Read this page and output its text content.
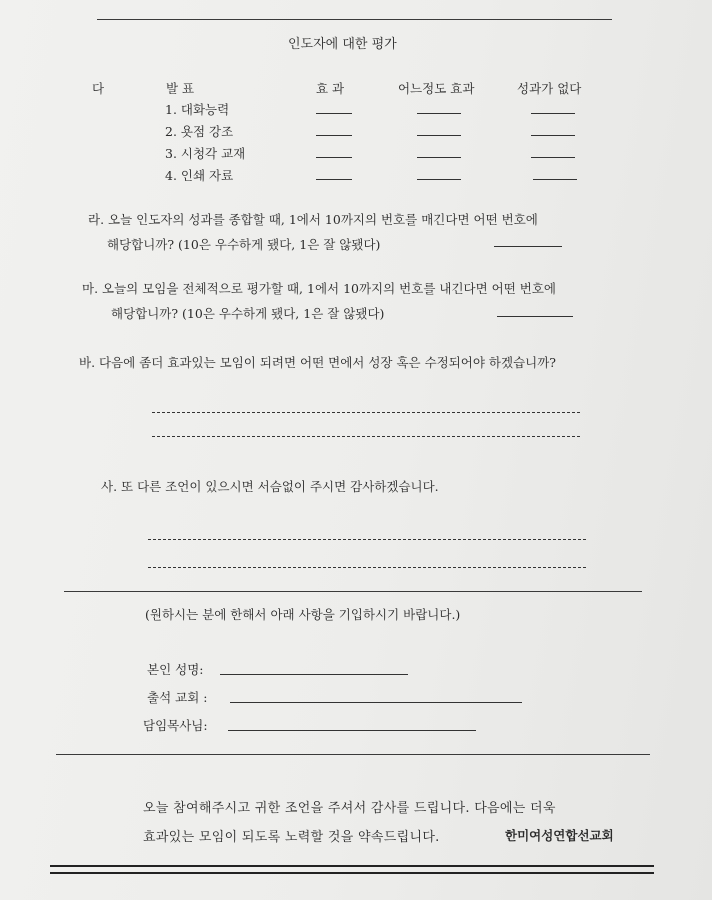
인도자에 대한 평가
다	발 표	효 과	어느정도 효과	성과가 없다
1. 대화능력
2. 욧점 강조
3. 시청각 교재
4. 인쇄 자료
라. 오늘 인도자의 성과를 종합할 때, 1에서 10까지의 번호를 매긴다면 어떤 번호에
해당합니까? (10은 우수하게 됐다, 1은 잘 않됐다)
마. 오늘의 모임을 전체적으로 평가할 때, 1에서 10까지의 번호를 내긴다면 어떤 번호에
해당합니까? (10은 우수하게 됐다, 1은 잘 않됐다)
바. 다음에 좀더 효과있는 모임이 되려면 어떤 면에서 성장 혹은 수정되어야 하겠습니까?
사. 또 다른 조언이 있으시면 서슴없이 주시면 감사하겠습니다.
(원하시는 분에 한해서 아래 사항을 기입하시기 바랍니다.)
본인 성명:
출석 교회 :
담임목사님:
오늘 참여해주시고 귀한 조언을 주셔서 감사를 드립니다. 다음에는 더욱
효과있는 모임이 되도록 노력할 것을 약속드립니다.	한미여성연합선교회
